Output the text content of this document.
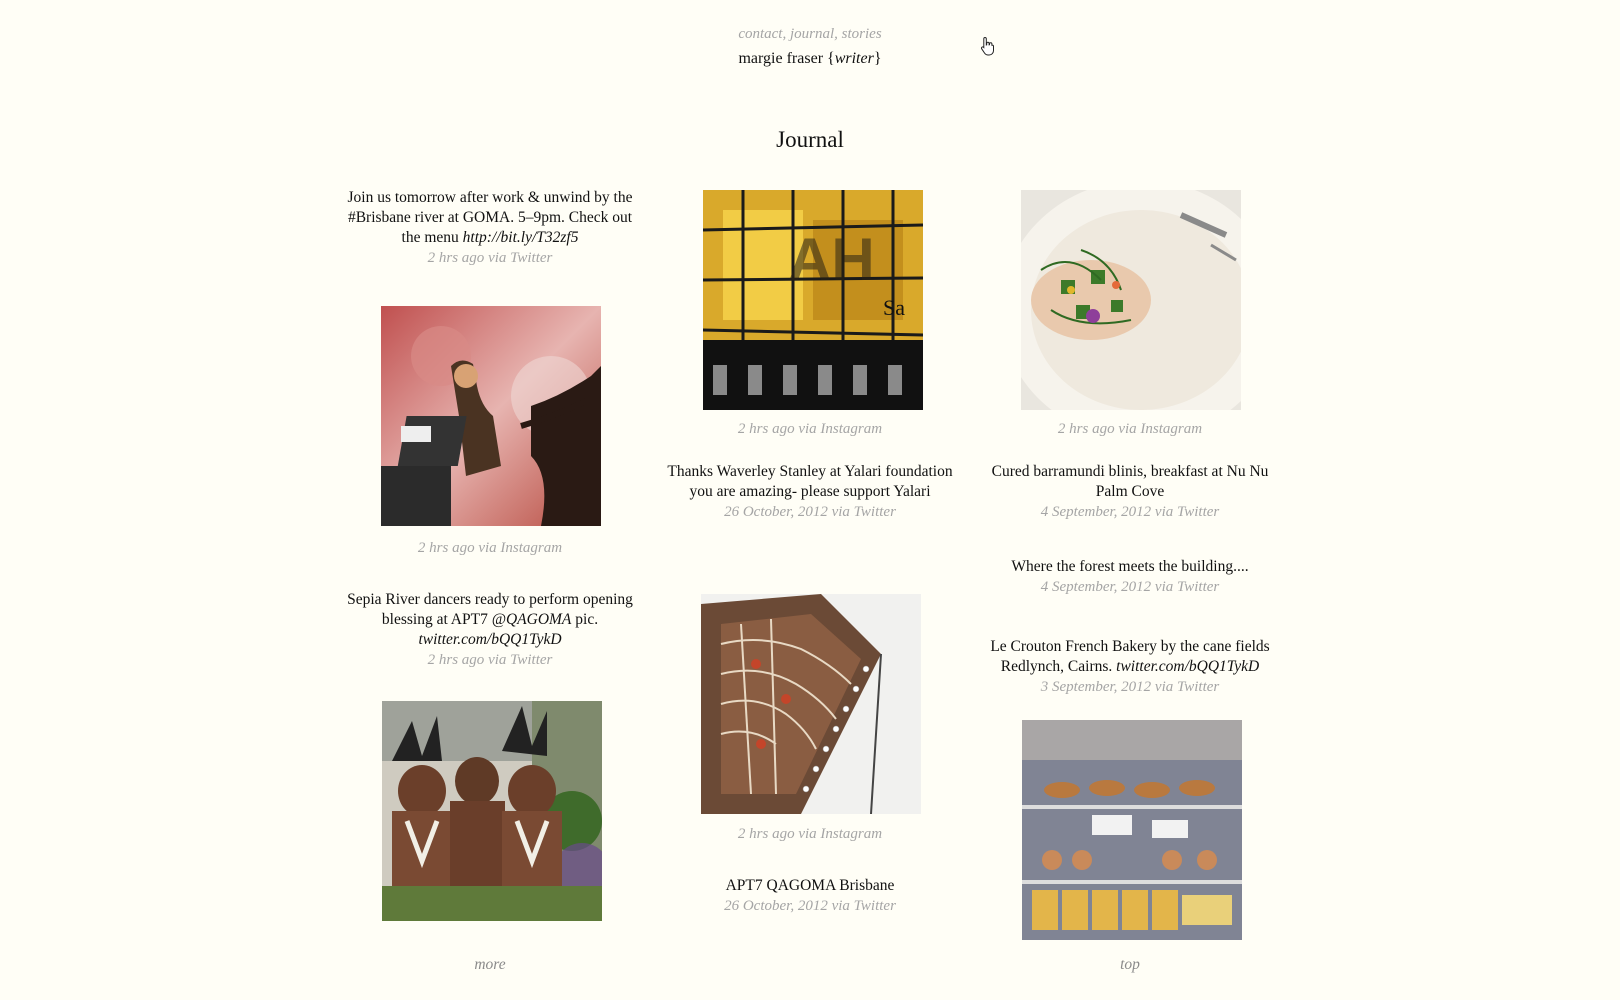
contact, journal, stories
margie fraser {writer}
Journal
Join us tomorrow after work & unwind by the #Brisbane river at GOMA. 5–9pm. Check out the menu http://bit.ly/T32zf5
2 hrs ago via Twitter
2 hrs ago via Instagram
Sepia River dancers ready to perform opening blessing at APT7 @QAGOMA pic. twitter.com/bQQ1TykD
2 hrs ago via Twitter
more
AH
Sa
2 hrs ago via Instagram
Thanks Waverley Stanley at Yalari foundation you are amazing- please support Yalari
26 October, 2012 via Twitter
2 hrs ago via Instagram
APT7 QAGOMA Brisbane
26 October, 2012 via Twitter
2 hrs ago via Instagram
Cured barramundi blinis, breakfast at Nu Nu Palm Cove
4 September, 2012 via Twitter
Where the forest meets the building....
4 September, 2012 via Twitter
Le Crouton French Bakery by the cane fields Redlynch, Cairns. twitter.com/bQQ1TykD
3 September, 2012 via Twitter
top
